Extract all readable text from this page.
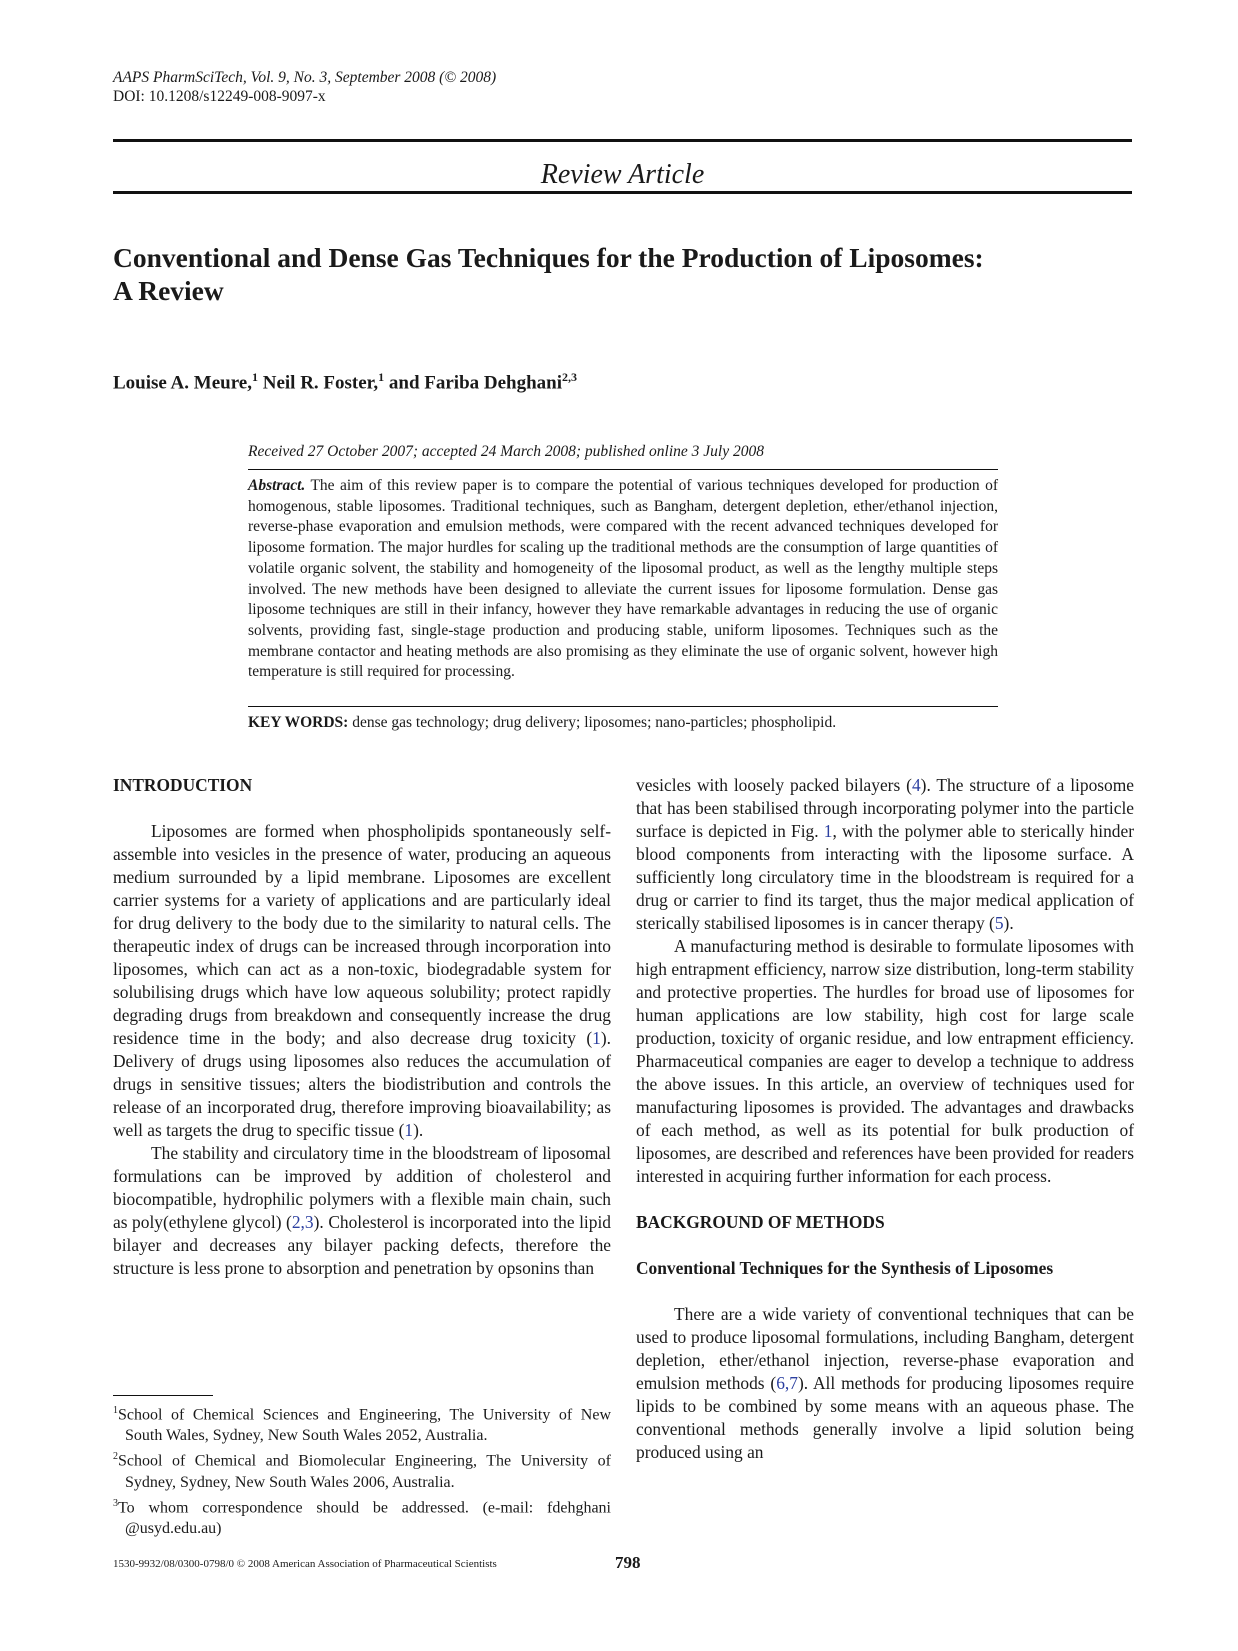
AAPS PharmSciTech, Vol. 9, No. 3, September 2008 (© 2008)
DOI: 10.1208/s12249-008-9097-x
Review Article
Conventional and Dense Gas Techniques for the Production of Liposomes:
A Review
Louise A. Meure,$^1$ Neil R. Foster,$^1$ and Fariba Dehghani$^{2,3}$
Received 27 October 2007; accepted 24 March 2008; published online 3 July 2008
Abstract. The aim of this review paper is to compare the potential of various techniques developed for production of homogenous, stable liposomes. Traditional techniques, such as Bangham, detergent depletion, ether/ethanol injection, reverse-phase evaporation and emulsion methods, were compared with the recent advanced techniques developed for liposome formation. The major hurdles for scaling up the traditional methods are the consumption of large quantities of volatile organic solvent, the stability and homogeneity of the liposomal product, as well as the lengthy multiple steps involved. The new methods have been designed to alleviate the current issues for liposome formulation. Dense gas liposome techniques are still in their infancy, however they have remarkable advantages in reducing the use of organic solvents, providing fast, single-stage production and producing stable, uniform liposomes. Techniques such as the membrane contactor and heating methods are also promising as they eliminate the use of organic solvent, however high temperature is still required for processing.
KEY WORDS: dense gas technology; drug delivery; liposomes; nano-particles; phospholipid.
INTRODUCTION

Liposomes are formed when phospholipids spontaneously self-assemble into vesicles in the presence of water, producing an aqueous medium surrounded by a lipid membrane. Liposomes are excellent carrier systems for a variety of applications and are particularly ideal for drug delivery to the body due to the similarity to natural cells. The therapeutic index of drugs can be increased through incorporation into liposomes, which can act as a non-toxic, biodegradable system for solubilising drugs which have low aqueous solubility; protect rapidly degrading drugs from breakdown and consequently increase the drug residence time in the body; and also decrease drug toxicity (1). Delivery of drugs using liposomes also reduces the accumulation of drugs in sensitive tissues; alters the biodistribution and controls the release of an incorporated drug, therefore improving bioavailability; as well as targets the drug to specific tissue (1).

The stability and circulatory time in the bloodstream of liposomal formulations can be improved by addition of cholesterol and biocompatible, hydrophilic polymers with a flexible main chain, such as poly(ethylene glycol) (2,3). Cholesterol is incorporated into the lipid bilayer and decreases any bilayer packing defects, therefore the structure is less prone to absorption and penetration by opsonins than

$^1$School of Chemical Sciences and Engineering, The University of New South Wales, Sydney, New South Wales 2052, Australia.
$^2$School of Chemical and Biomolecular Engineering, The University of Sydney, Sydney, New South Wales 2006, Australia.
$^3$To whom correspondence should be addressed. (e-mail: fdehghani @usyd.edu.au)

vesicles with loosely packed bilayers (4). The structure of a liposome that has been stabilised through incorporating polymer into the particle surface is depicted in Fig. 1, with the polymer able to sterically hinder blood components from interacting with the liposome surface. A sufficiently long circulatory time in the bloodstream is required for a drug or carrier to find its target, thus the major medical application of sterically stabilised liposomes is in cancer therapy (5).

A manufacturing method is desirable to formulate liposomes with high entrapment efficiency, narrow size distribution, long-term stability and protective properties. The hurdles for broad use of liposomes for human applications are low stability, high cost for large scale production, toxicity of organic residue, and low entrapment efficiency. Pharmaceutical companies are eager to develop a technique to address the above issues. In this article, an overview of techniques used for manufacturing liposomes is provided. The advantages and drawbacks of each method, as well as its potential for bulk production of liposomes, are described and references have been provided for readers interested in acquiring further information for each process.

BACKGROUND OF METHODS
Conventional Techniques for the Synthesis of Liposomes

There are a wide variety of conventional techniques that can be used to produce liposomal formulations, including Bangham, detergent depletion, ether/ethanol injection, reverse-phase evaporation and emulsion methods (6,7). All methods for producing liposomes require lipids to be combined by some means with an aqueous phase. The conventional methods generally involve a lipid solution being produced using an

1530-9932/08/0300-0798/0 © 2008 American Association of Pharmaceutical Scientists	798
